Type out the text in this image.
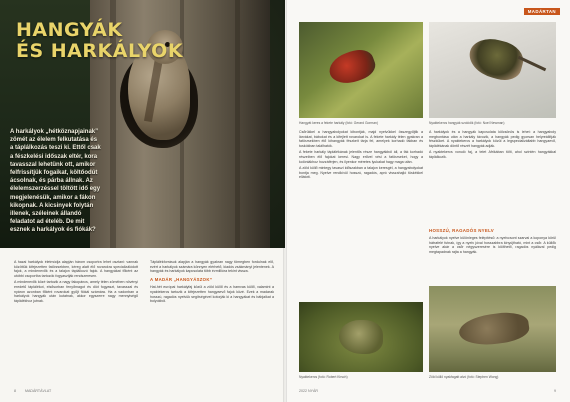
HANGYÁK
ÉS HARKÁLYOK

A harkályok „hétköznapjainak” zömét az élelem felkutatása és a táplálkozás teszi ki. Ettől csak a fészkelési időszak eltér, kora tavasszal lehetünk ott, amikor felfrissítjük fogaikat, költőodút ácsolnak, és párba állnak. Az élelemszerzéssel töltött idő egy megjelenésük, amikor a fákon kikopnak. A kicsinyek folytán illenek, széleinek állandó feladatot ad ételéb. De mit esznek a harkályok és fiókák?

A hazai harkályok életmódja alapján három csoportra lehet osztani: vannak közöttük kifejezetten fatörzsekben, kéreg alatt élő rovarokra specializálódott fajok, a mindenevők és a talajon táplálkozó fajok. A hangyákat főként az utóbbi csoportba tartozók fogyasztják rendszeresen.

A mindenevők közé tartozik a nagy fakopáncs, amely télen zömében növényi eredetű táplálékot, elsősorban fenyőmagot és diót fogyaszt, tavasszal és nyáron azonban főként rovarokat gyűjt fiókái számára. Ha a vadonban a harkályok hangyák után kutatnak, akkor egyszerre nagy mennyiségű táplálékhoz jutnak.

Táplálékforrásuk alapján a hangyák gyakran nagy tömegben fordulnak elő, ezért a harkályok számára könnyen elérhető, kiadós zsákmányt jelentenek. A hangyák és harkályok kapcsolata több évmillióra tekint vissza.

A MADÁR „HANGYÁSZOK”

Hat-hét európai harkályfaj közül a zöld küllő és a hamvas küllő, valamint a nyaktekercs tartozik a kifejezetten hangyaevő fajok közé. Ezek a madarak hosszú, ragadós nyelvük segítségével kotorják ki a hangyákat és bábjaikat a bolyokból.

8	MADÁRTÁVLAT
MADÁRTAN
Hangyát keres a fekete harkály (fotó: Gerard Gorman)	Nyaktekercs hangyák szolódik (fotó: Noel Newman)

Csőrükkel a hangyabolyokat kibontják, majd nyelvükkel összegyűjtik a lárvákat, bábokat és a kifejlett rovarokat is. A fekete harkály télen gyakran a fatörzsekben élő lóhangyák fészkeit tárja fel, amelyek korhadó fákban és tuskókban találhatók.

A fekete harkály táplálékának jelentős része hangyákból áll, a fák korhadó részeiben élő fajokat keresi. Nagy erővel vési a fatörzseket, hogy a kolóniákhoz hozzáférjen, és ilyenkor méretes lyukakat hagy maga után.

A zöld küllő mintegy tavaszi időszakban a talajon keresgél, a hangyabolyokat bontja meg. Nyelve rendkívül hosszú, ragadós, apró visszahajló tüskékkel ellátott.

A harkályok és a hangyák kapcsolata kölcsönös is lehet: a hangyaboly megbontása után a harkály távozik, a hangyák pedig gyorsan helyreállítják fészküket. A nyaktekercs a harkályok közül a legspecializáltabb hangyaevő, táplálékának döntő részét hangyák adják.

A nyaktekercs vonuló faj, a telet Afrikában tölti, ahol szintén hangyákkal táplálkozik.

HOSSZÚ, RAGADÓS NYELV

A harkályok nyelve különleges felépítésű: a nyelvcsont szarvai a koponya körül hátrafelé futnak, így a nyelv jóval hosszabbra kinyújtható, mint a csőr. A küllők nyelve akár a csőr négyszeresére is kiölthető, ragadós nyálával pedig megtapadnak rajta a hangyák.

Nyaktekercs (fotó: Robert Kirsch)	Zöld küllő nyakfagatt alvó (fotó: Stephen Wong)
2022 NYÁR	9
